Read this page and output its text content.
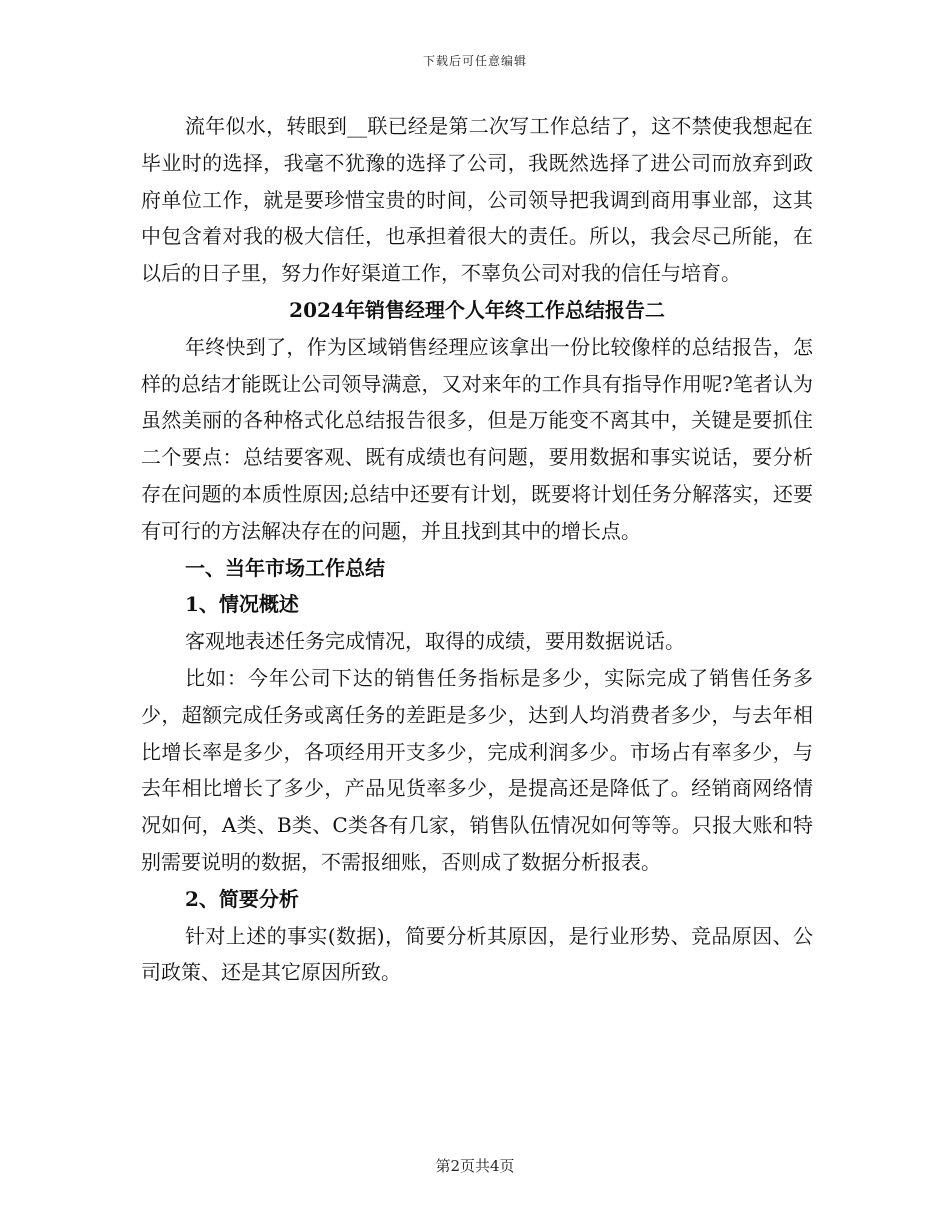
下载后可任意编辑

流年似水，转眼到__联已经是第二次写工作总结了，这不禁使我想起在毕业时的选择，我毫不犹豫的选择了公司，我既然选择了进公司而放弃到政府单位工作，就是要珍惜宝贵的时间，公司领导把我调到商用事业部，这其中包含着对我的极大信任，也承担着很大的责任。所以，我会尽己所能，在以后的日子里，努力作好渠道工作，不辜负公司对我的信任与培育。

2024年销售经理个人年终工作总结报告二

年终快到了，作为区域销售经理应该拿出一份比较像样的总结报告，怎样的总结才能既让公司领导满意，又对来年的工作具有指导作用呢?笔者认为虽然美丽的各种格式化总结报告很多，但是万能变不离其中，关键是要抓住二个要点：总结要客观、既有成绩也有问题，要用数据和事实说话，要分析存在问题的本质性原因;总结中还要有计划，既要将计划任务分解落实，还要有可行的方法解决存在的问题，并且找到其中的增长点。

一、当年市场工作总结

1、情况概述

客观地表述任务完成情况，取得的成绩，要用数据说话。

比如：今年公司下达的销售任务指标是多少，实际完成了销售任务多少，超额完成任务或离任务的差距是多少，达到人均消费者多少，与去年相比增长率是多少，各项经用开支多少，完成利润多少。市场占有率多少，与去年相比增长了多少，产品见货率多少，是提高还是降低了。经销商网络情况如何，A类、B类、C类各有几家，销售队伍情况如何等等。只报大账和特别需要说明的数据，不需报细账，否则成了数据分析报表。

2、简要分析

针对上述的事实(数据)，简要分析其原因，是行业形势、竞品原因、公司政策、还是其它原因所致。

第2页共4页
